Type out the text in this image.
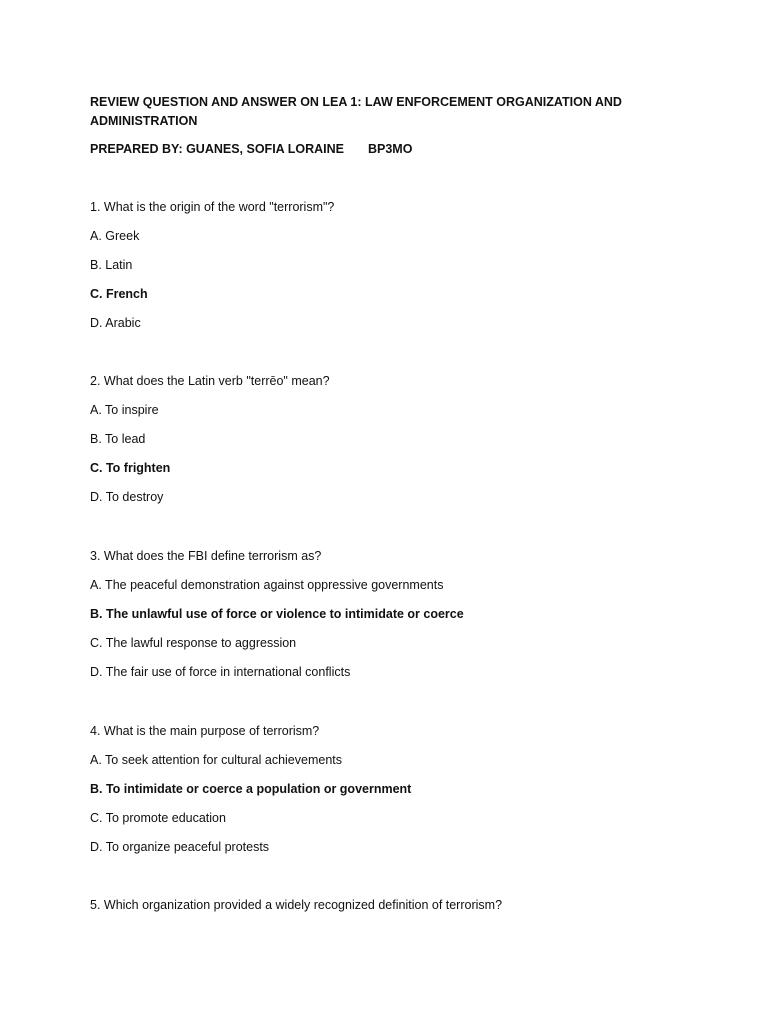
REVIEW QUESTION AND ANSWER ON LEA 1: LAW ENFORCEMENT ORGANIZATION AND ADMINISTRATION

PREPARED BY: GUANES, SOFIA LORAINE BP3MO

1. What is the origin of the word "terrorism"?

A. Greek

B. Latin

C. French

D. Arabic

2. What does the Latin verb "terrēo" mean?

A. To inspire

B. To lead

C. To frighten

D. To destroy

3. What does the FBI define terrorism as?

A. The peaceful demonstration against oppressive governments

B. The unlawful use of force or violence to intimidate or coerce

C. The lawful response to aggression

D. The fair use of force in international conflicts

4. What is the main purpose of terrorism?

A. To seek attention for cultural achievements

B. To intimidate or coerce a population or government

C. To promote education

D. To organize peaceful protests

5. Which organization provided a widely recognized definition of terrorism?
